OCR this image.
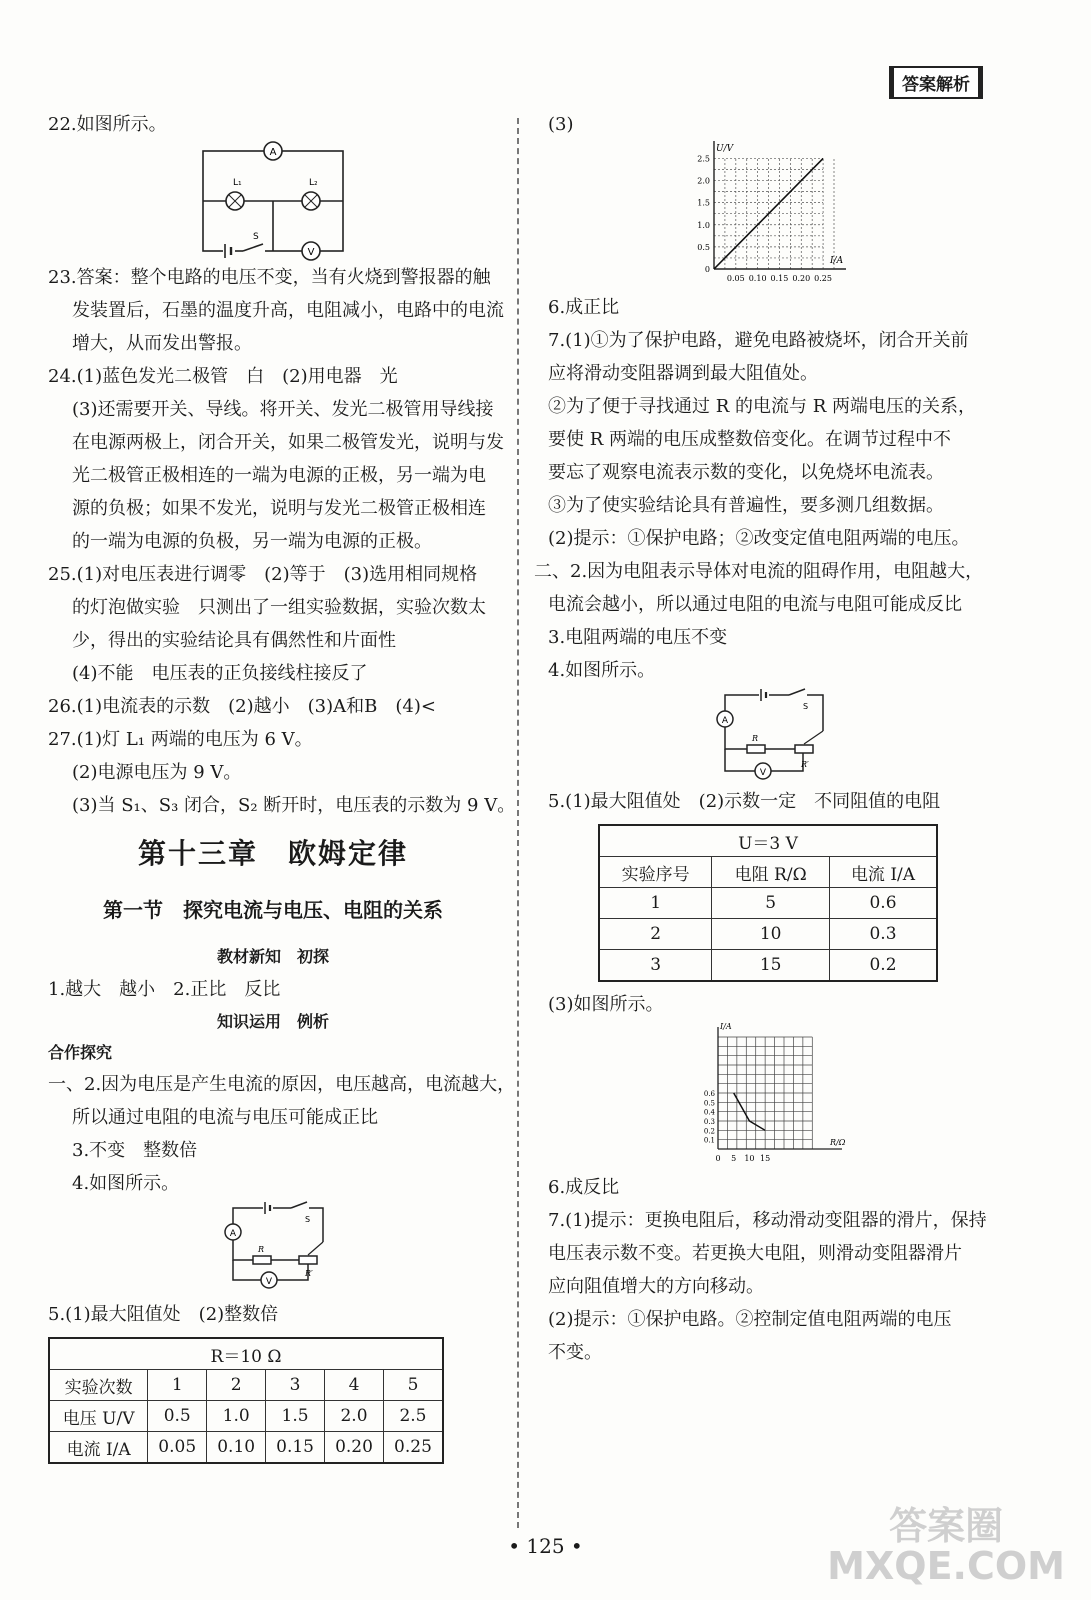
答案解析
22.如图所示。
A
L₁	L₂
S
V
23.答案：整个电路的电压不变，当有火烧到警报器的触
发装置后，石墨的温度升高，电阻减小，电路中的电流
增大，从而发出警报。
24.(1)蓝色发光二极管　白　(2)用电器　光
(3)还需要开关、导线。将开关、发光二极管用导线接
在电源两极上，闭合开关，如果二极管发光，说明与发
光二极管正极相连的一端为电源的正极，另一端为电
源的负极；如果不发光，说明与发光二极管正极相连
的一端为电源的负极，另一端为电源的正极。
25.(1)对电压表进行调零　(2)等于　(3)选用相同规格
的灯泡做实验　只测出了一组实验数据，实验次数太
少，得出的实验结论具有偶然性和片面性
(4)不能　电压表的正负接线柱接反了
26.(1)电流表的示数　(2)越小　(3)A和B　(4)<
27.(1)灯 L₁ 两端的电压为 6 V。
(2)电源电压为 9 V。
(3)当 S₁、S₃ 闭合，S₂ 断开时，电压表的示数为 9 V。
第十三章　欧姆定律
第一节　探究电流与电压、电阻的关系
教材新知　初探
1.越大　越小　2.正比　反比
知识运用　例析
合作探究
一、2.因为电压是产生电流的原因，电压越高，电流越大，
所以通过电阻的电流与电压可能成正比
3.不变　整数倍
4.如图所示。
A
S
R
R′
V
5.(1)最大阻值处　(2)整数倍
R＝10 Ω					
实验次数	1	2	3	4	5
电压 U/V	0.5	1.0	1.5	2.0	2.5
电流 I/A	0.05	0.10	0.15	0.20	0.25
(3)
U/V
I/A
0.05 0.10 0.15 0.20 0.25
0.5
1.0
1.5
2.0
2.5
0
6.成正比
7.(1)①为了保护电路，避免电路被烧坏，闭合开关前
应将滑动变阻器调到最大阻值处。
②为了便于寻找通过 R 的电流与 R 两端电压的关系，
要使 R 两端的电压成整数倍变化。在调节过程中不
要忘了观察电流表示数的变化，以免烧坏电流表。
③为了使实验结论具有普遍性，要多测几组数据。
(2)提示：①保护电路；②改变定值电阻两端的电压。
二、2.因为电阻表示导体对电流的阻碍作用，电阻越大，
电流会越小，所以通过电阻的电流与电阻可能成反比
3.电阻两端的电压不变
4.如图所示。
A
S
R
R′
V
5.(1)最大阻值处　(2)示数一定　不同阻值的电阻
U＝3 V		
实验序号	电阻 R/Ω	电流 I/A
1	5	0.6
2	10	0.3
3	15	0.2
(3)如图所示。
I/A
R/Ω
0 5 10 15
0.1
0.2
0.3
0.4
0.5
0.6
6.成反比
7.(1)提示：更换电阻后，移动滑动变阻器的滑片，保持
电压表示数不变。若更换大电阻，则滑动变阻器滑片
应向阻值增大的方向移动。
(2)提示：①保护电路。②控制定值电阻两端的电压
不变。
• 125 •	答案圈
MXQE.COM
